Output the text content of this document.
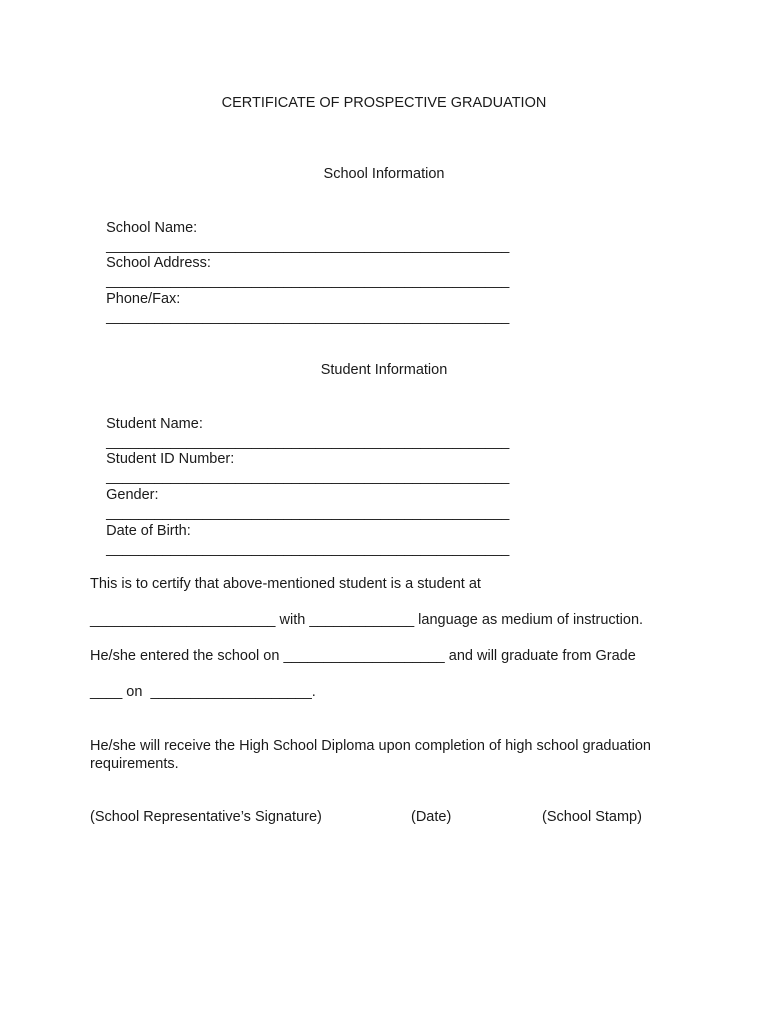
CERTIFICATE OF PROSPECTIVE GRADUATION
School Information

School Name:
__________________________________________________

School Address:
__________________________________________________

Phone/Fax:
__________________________________________________

Student Information

Student Name:
__________________________________________________

Student ID Number:
__________________________________________________

Gender:
__________________________________________________

Date of Birth:
__________________________________________________

This is to certify that above-mentioned student is a student at
_______________________ with _____________ language as medium of instruction.
He/she entered the school on ____________________ and will graduate from Grade
____ on  ____________________.
He/she will receive the High School Diploma upon completion of high school graduation requirements.
(School Representative’s Signature)	(Date)	(School Stamp)
